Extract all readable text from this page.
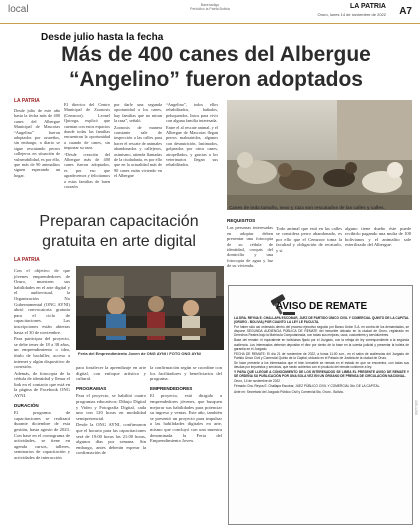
local	Bacenadigo
Periódico la Patria Bolivia	LA PATRIA
Oruro, lunes 14 de noviembre de 2022 A7
Desde julio hasta la fecha
Más de 400 canes del Albergue
“Angelino” fueron adoptados
LA PATRIA

Desde julio de este año hasta la fecha más de 400 canes del Albergue Municipal de Mascotas “Angelino” fueron adoptados por orureños, sin embargo, a diario se sigue rescatando perros callejeros en situación de vulnerabilidad, es por ello, que más de 90 animalitos siguen esperando un hogar.

El director del Centro Municipal de Zoonosis (Cemzoor), Leonel Quiroga, explicó que cuentan con estos espacios donde todas las familias encuentran la oportunidad a cuando de canes, sin importar su raza.

“Desde creación del Albergue más de 400 canes fueron adoptados, es por eso que agradecemos y felicitamos a estas familias de buen corazón

por darle una segunda oportunidad a los canes, hay familias que no miran la raza”, señaló.

Zoonosis de manera constante sale de inspección a las calles para hacer el rescate de animales abandonados y callejeros, asimismo, atienda llamadas de la ciudadanía, es por ello que en la actualidad más de 90 canes están viviendo en el Albergue

“Angelino”, todos ellos rehabilitados, bañados, peluqueados, listos para vivir con alguna familia interesada.

Entre el al rescate animal, y el Albergue de Mascotas llegan perros malnutridos, algunos con desnutrición, lastimados, golpeados por otros canes, atropellados, y gracias a los veterinarios llegan sus rehabilitados.

Canes de toda tamaño, sexo y raza son rescatados de las calles y calles.
REQUISITOS

Las personas interesadas en adoptar deben presentar una fotocopia de su cédula de identidad, croquis del domicilio y una fotocopia de agua y luz de su vivienda.

Todo animal que está en las calles se considera perro abandonado, es por ello que el Cemzoor toma la facultad y obligación de recatarlo, y si

alguno tiene dueño éste puede recibirlo pagando una multa de 100 bolivianos y el animalito sale esterilizado del Albergue.

Preparan capacitación
gratuita en arte digital
LA PATRIA

Con el objetivo de que jóvenes emprendedores de Oruro, muestren sus habilidades en el arte digital y el audiovisual, la Organización No Gubernamental (ONG AYNI) abrió convocatoria gratuita para el ciclo de capacitaciones. Las inscripciones están abiertas hasta el 30 de noviembre.

Para participar del proyecto, se debe tener de 18 a 38 años, un emprendimiento o idea, título de bachiller, acceso a internet y algún dispositivo de conexión.

Además, de fotocopia de la cédula de identidad y llenar el link en el contacto que está en la página de Facebook ONG AYNI.

DURACIÓN

El programa de capacitaciones se realizará durante diciembre de esta gestión, hasta agosto de 2023. Con base en el cronograma de actividades, se tiene en agenda cursos, talleres, seminarios de capacitación y actividades de interacción

Feria del Emprendimiento Joven de ONG AYNI / FOTO ONG AYNI

para fortalecer la aprendizaje en arte digital, con enfoque artístico y cultural.

PROGRAMAS

Para el proyecto, se habilitó cuatro programas educativos: Dibujo Digital y Video y Fotografía Digital, cada uno con 120 horas en modalidad semipresencial.

Desde la ONG AYNI, confirmaron que el horario para las capacitaciones será de 19:00 horas las 21:00 horas, algunos días por semana. Sin embargo, antes deberán esperar la confirmación de

la confirmación según se coordine con los facilitadores y beneficiarios del programa.

EMPRENDEDORES

El proyecto, está dirigido a emprendedores jóvenes, que busquen mejorar sus habilidades para potenciar su ingreso y ventas. Este año, también se presentó un proyecto para impulsar a las habilidades digitales en arte, mismo que concluyó con una muestra denominada la Feria del Emprendimiento Joven.

AVISO DE REMATE

LA DRA. REYNA E. CHALLAPA ESCOBAR, JUEZ DE PARTIDO ÚNICO CIVIL Y COMERCIAL QUINTO DE LA CAPITAL (ORURO - BOLIVIA) POR CUANTO LA LEY LE FACULTA.

Por haber sido así ordenado dentro del proceso ejecutivo seguido por Banco Unión S.A. en contra de los demandados, se dispone SEGUNDA AUDIENCIA PÚBLICA DE REMATE del inmueble ubicado en la ciudad de Oruro, registrado en Derechos Reales bajo la Matrícula Computarizada, con todas sus mejoras, usos, costumbres y servidumbres.

Base del remate: el equivalente en bolivianos fijado por el Juzgado, con la rebaja de ley correspondiente a la segunda audiencia. Los interesados deberán depositar el diez por ciento de la base en la cuenta judicial y presentar la boleta de garantía en el Juzgado.

FECHA DE REMATE: El día 21 de noviembre de 2022, a horas 11:00 a.m., en el salón de audiencias del Juzgado de Partido Único Civil y Comercial Quinto de la Capital, ubicado en el Palacio de Justicia de la ciudad de Oruro.

Se hace presente a los interesados que el bien inmueble se remata en el estado en que se encuentra, con todas sus deudas por impuestos y servicios, que serán cubiertos con el producto del remate conforme a ley.

Y PARA QUE LLEGUE A CONOCIMIENTO DE LOS INTERESADOS SE LIBRA EL PRESENTE AVISO DE REMATE Y SE ORDENA SU PUBLICACIÓN POR UNA SOLA VEZ EN UN ÓRGANO DE PRENSA DE CIRCULACIÓN NACIONAL.

Oruro, 14 de noviembre de 2022

Firmado: Dra. Reyna E. Challapa Escobar, JUEZ PÚBLICO CIVIL Y COMERCIAL 5to. DE LA CAPITAL.

Ante mí: Secretario del Juzgado Público Civil y Comercial 5to. Oruro - Bolivia.

100-1208
